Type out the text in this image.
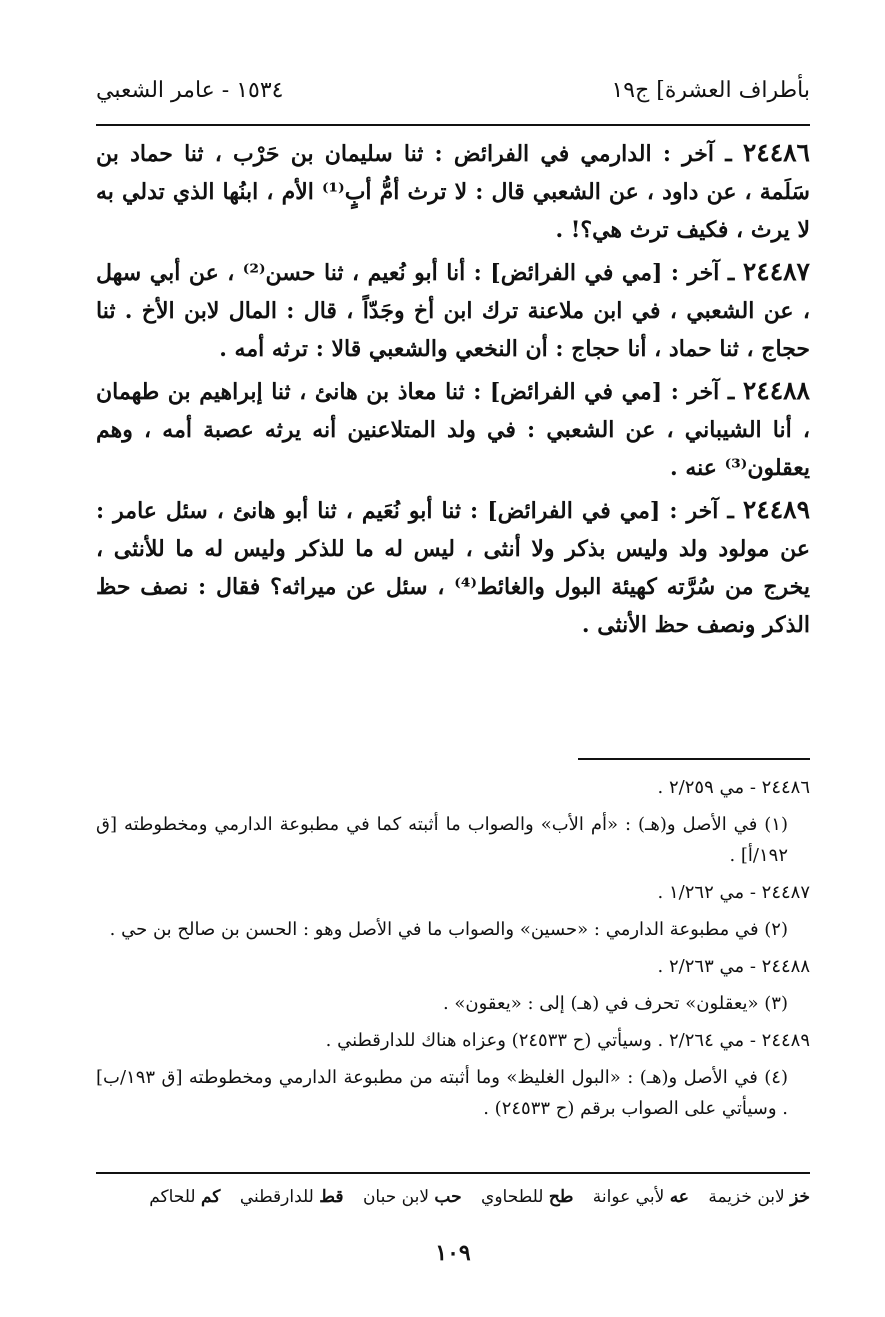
بأطراف العشرة] ج١٩
١٥٣٤ - عامر الشعبي

٢٤٤٨٦ ـ آخر : الدارمي في الفرائض : ثنا سليمان بن حَرْب ، ثنا حماد بن سَلَمة ، عن داود ، عن الشعبي قال : لا ترث أمُّ أبٍ⁽¹⁾ الأم ، ابنُها الذي تدلي به لا يرث ، فكيف ترث هي؟! .

٢٤٤٨٧ ـ آخر : [مي في الفرائض] : أنا أبو نُعيم ، ثنا حسن⁽²⁾ ، عن أبي سهل ، عن الشعبي ، في ابن ملاعنة ترك ابن أخ وجَدّاً ، قال : المال لابن الأخ . ثنا حجاج ، ثنا حماد ، أنا حجاج : أن النخعي والشعبي قالا : ترثه أمه .

٢٤٤٨٨ ـ آخر : [مي في الفرائض] : ثنا معاذ بن هانئ ، ثنا إبراهيم بن طهمان ، أنا الشيباني ، عن الشعبي : في ولد المتلاعنين أنه يرثه عصبة أمه ، وهم يعقلون⁽³⁾ عنه .

٢٤٤٨٩ ـ آخر : [مي في الفرائض] : ثنا أبو نُعَيم ، ثنا أبو هانئ ، سئل عامر : عن مولود ولد وليس بذكر ولا أنثى ، ليس له ما للذكر وليس له ما للأنثى ، يخرج من سُرَّته كهيئة البول والغائط⁽⁴⁾ ، سئل عن ميراثه؟ فقال : نصف حظ الذكر ونصف حظ الأنثى .

٢٤٤٨٦ - مي ٢/٢٥٩ .

(١) في الأصل و(هـ) : «أم الأب» والصواب ما أثبته كما في مطبوعة الدارمي ومخطوطته [ق ١٩٢/أ] .

٢٤٤٨٧ - مي ١/٢٦٢ .

(٢) في مطبوعة الدارمي : «حسين» والصواب ما في الأصل وهو : الحسن بن صالح بن حي .

٢٤٤٨٨ - مي ٢/٢٦٣ .

(٣) «يعقلون» تحرف في (هـ) إلى : «يعقون» .

٢٤٤٨٩ - مي ٢/٢٦٤ . وسيأتي (ح ٢٤٥٣٣) وعزاه هناك للدارقطني .

(٤) في الأصل و(هـ) : «البول الغليظ» وما أثبته من مطبوعة الدارمي ومخطوطته [ق ١٩٣/ب] . وسيأتي على الصواب برقم (ح ٢٤٥٣٣) .

خز لابن خزيمة عه لأبي عوانة طح للطحاوي حب لابن حبان قط للدارقطني كم للحاكم
١٠٩
